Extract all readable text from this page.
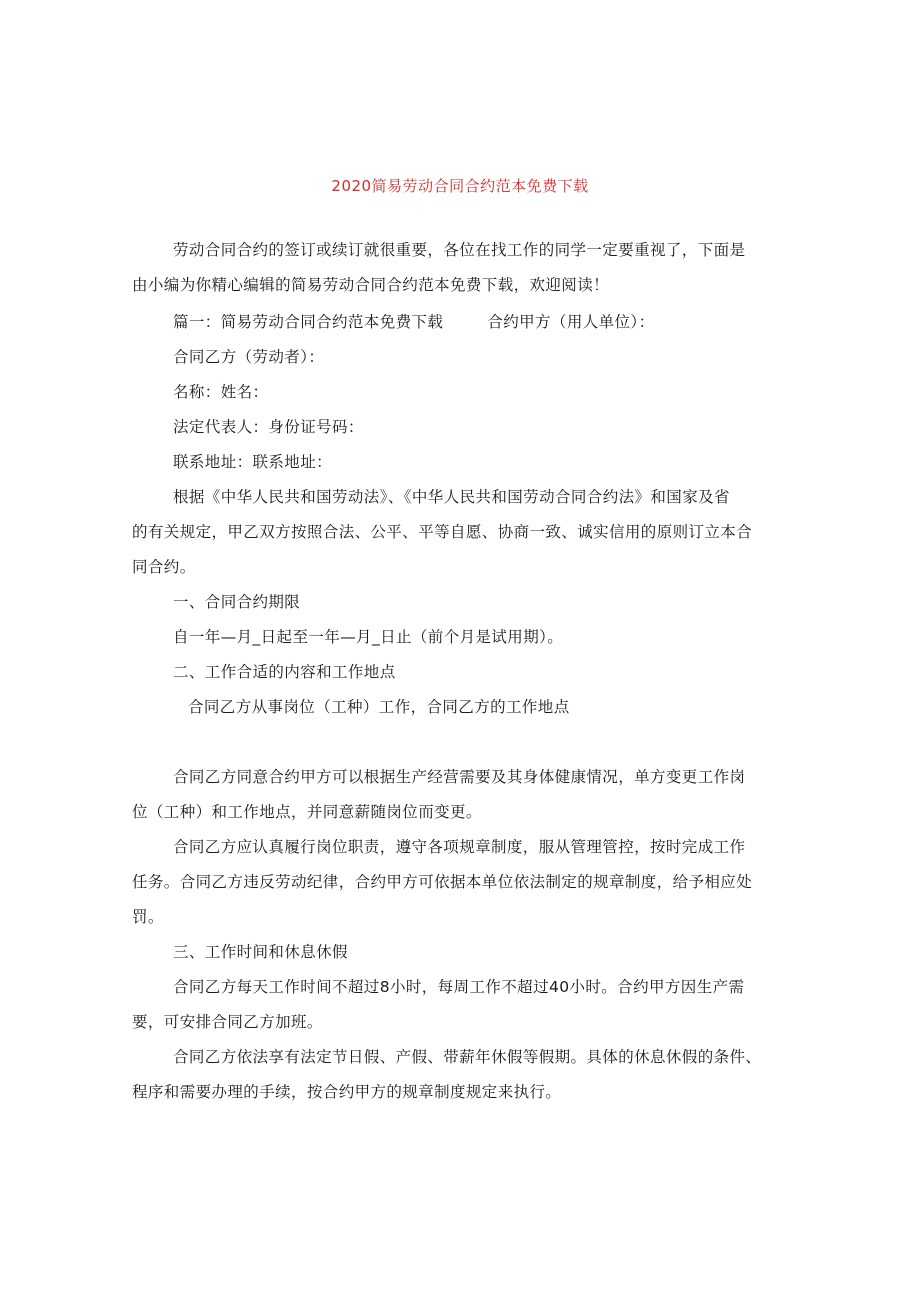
2020简易劳动合同合约范本免费下载
劳动合同合约的签订或续订就很重要，各位在找工作的同学一定要重视了，下面是
由小编为你精心编辑的简易劳动合同合约范本免费下载，欢迎阅读！
篇一：简易劳动合同合约范本免费下载	合约甲方（用人单位）：
合同乙方（劳动者）：
名称：姓名：
法定代表人：身份证号码：
联系地址：联系地址：
根据《中华人民共和国劳动法》、《中华人民共和国劳动合同合约法》和国家及省
的有关规定，甲乙双方按照合法、公平、平等自愿、协商一致、诚实信用的原则订立本合
同合约。
一、合同合约期限
自一年—月_日起至一年—月_日止（前个月是试用期）。
二、工作合适的内容和工作地点
合同乙方从事岗位（工种）工作，合同乙方的工作地点
合同乙方同意合约甲方可以根据生产经营需要及其身体健康情况，单方变更工作岗
位（工种）和工作地点，并同意薪随岗位而变更。
合同乙方应认真履行岗位职责，遵守各项规章制度，服从管理管控，按时完成工作
任务。合同乙方违反劳动纪律，合约甲方可依据本单位依法制定的规章制度，给予相应处
罚。
三、工作时间和休息休假
合同乙方每天工作时间不超过8小时，每周工作不超过40小时。合约甲方因生产需
要，可安排合同乙方加班。
合同乙方依法享有法定节日假、产假、带薪年休假等假期。具体的休息休假的条件、
程序和需要办理的手续，按合约甲方的规章制度规定来执行。
